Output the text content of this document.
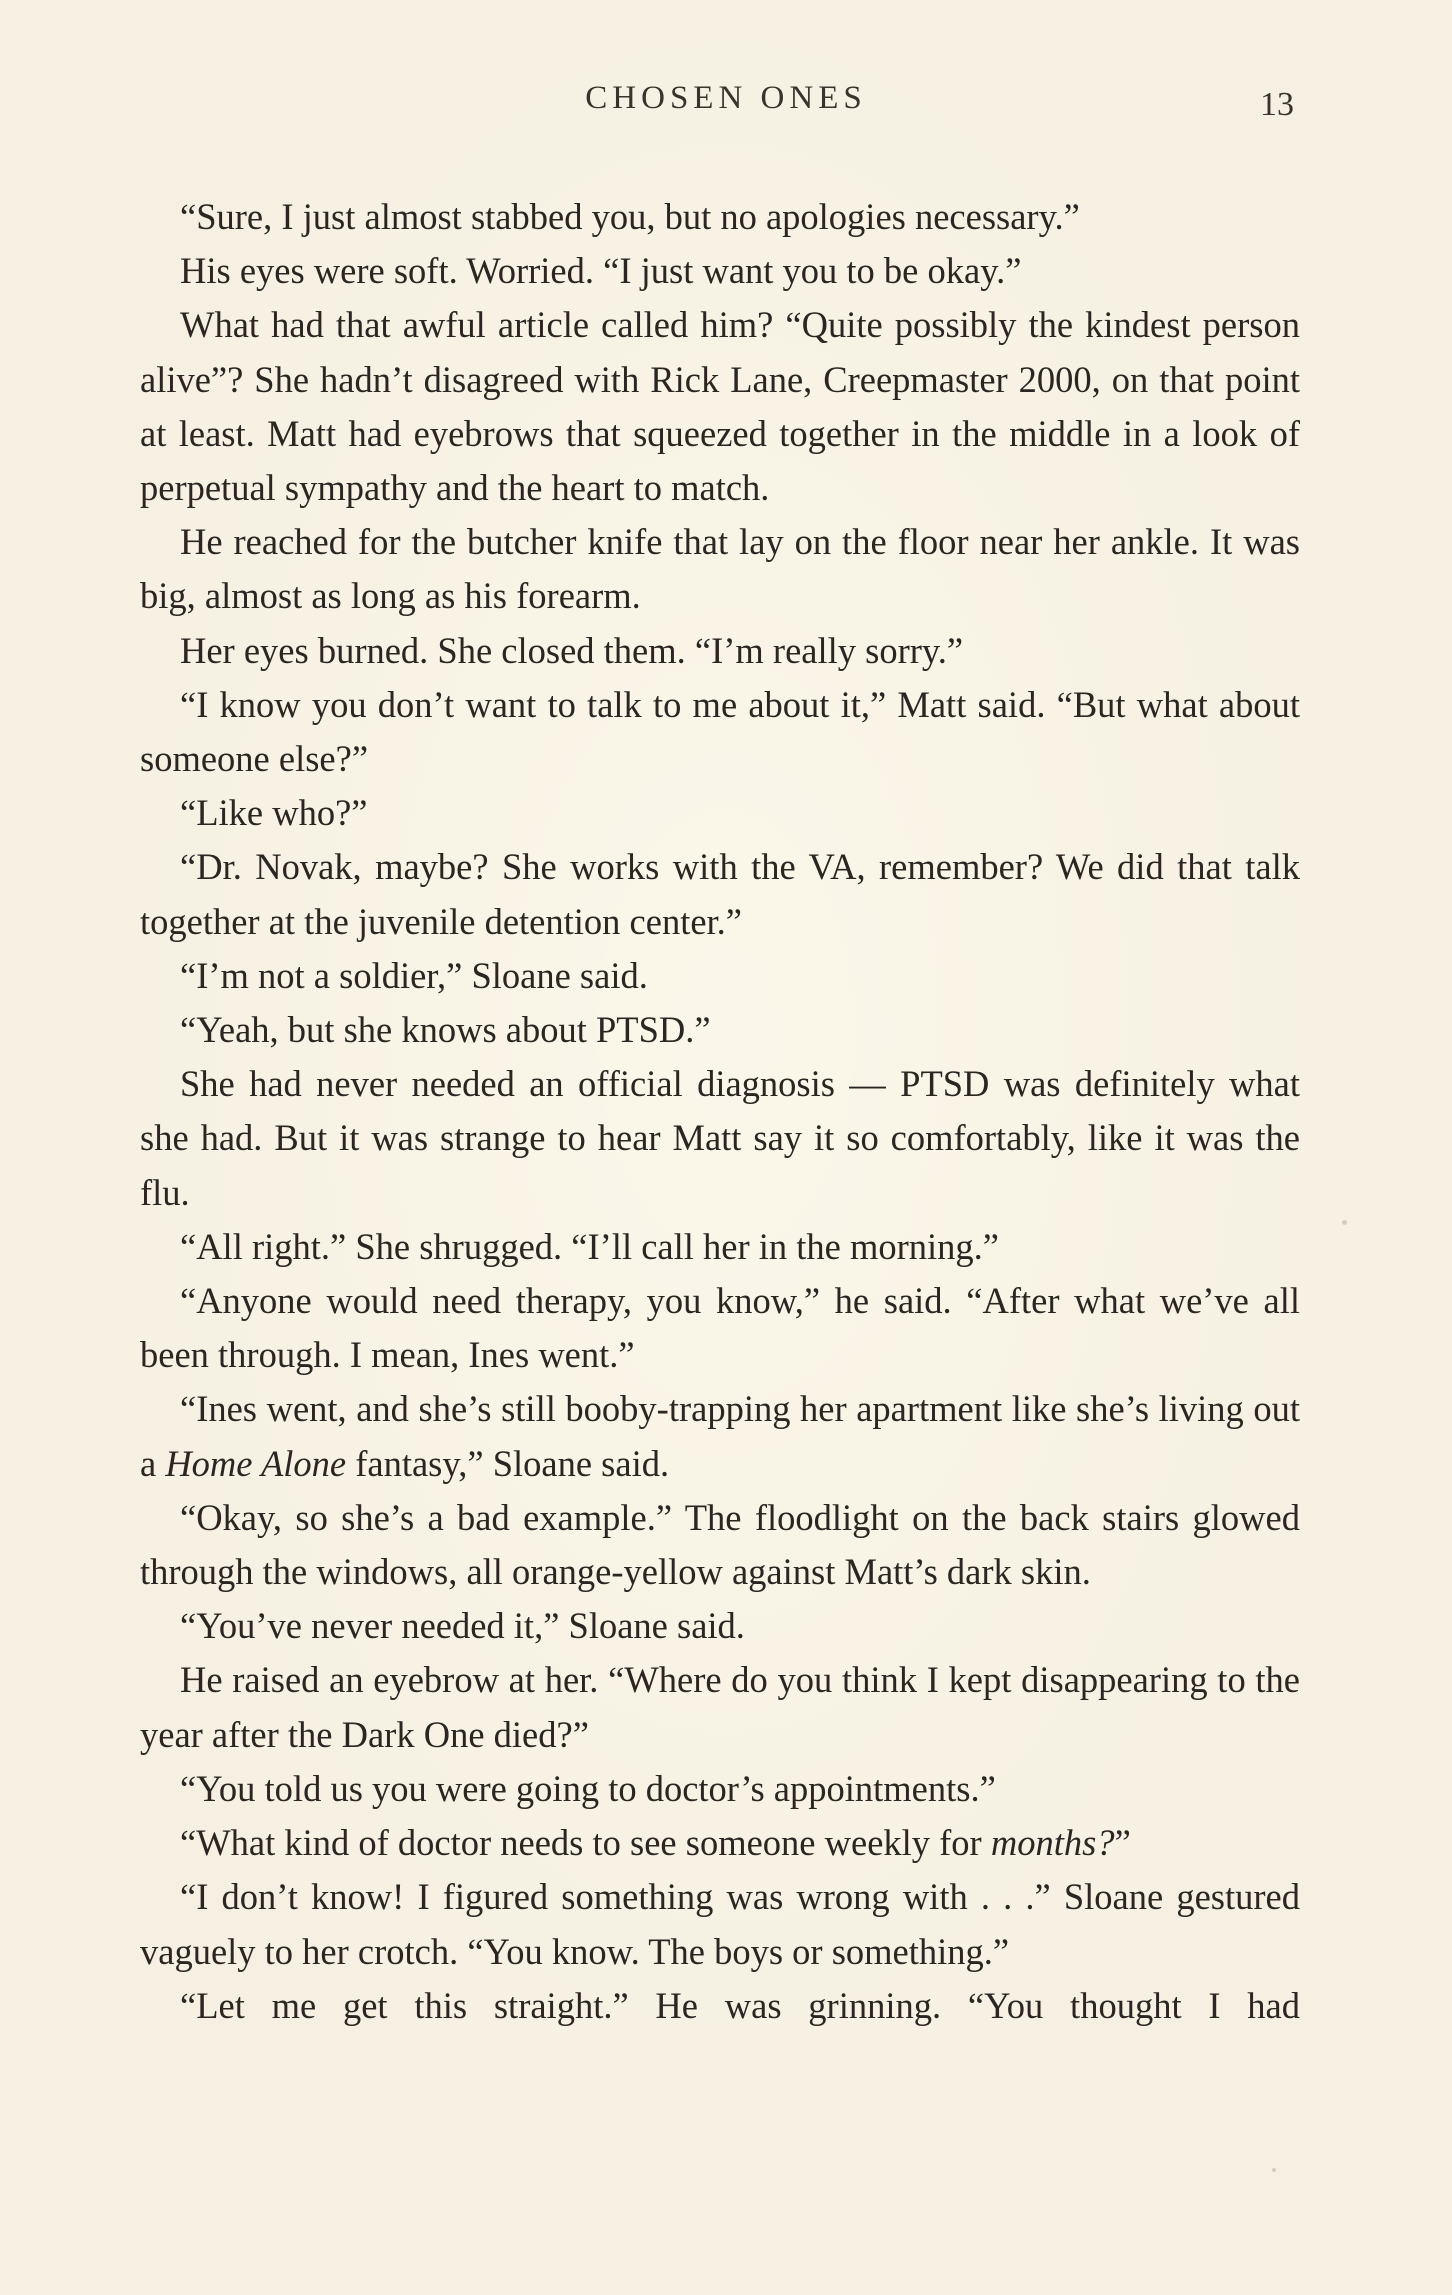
CHOSEN ONES	13

“Sure, I just almost stabbed you, but no apologies necessary.”

His eyes were soft. Worried. “I just want you to be okay.”

What had that awful article called him? “Quite possibly the kindest person alive”? She hadn’t disagreed with Rick Lane, Creepmaster 2000, on that point at least. Matt had eyebrows that squeezed together in the middle in a look of perpetual sympathy and the heart to match.

He reached for the butcher knife that lay on the floor near her ankle. It was big, almost as long as his forearm.

Her eyes burned. She closed them. “I’m really sorry.”

“I know you don’t want to talk to me about it,” Matt said. “But what about someone else?”

“Like who?”

“Dr. Novak, maybe? She works with the VA, remember? We did that talk together at the juvenile detention center.”

“I’m not a soldier,” Sloane said.

“Yeah, but she knows about PTSD.”

She had never needed an official diagnosis — PTSD was definitely what she had. But it was strange to hear Matt say it so comfortably, like it was the flu.

“All right.” She shrugged. “I’ll call her in the morning.”

“Anyone would need therapy, you know,” he said. “After what we’ve all been through. I mean, Ines went.”

“Ines went, and she’s still booby-trapping her apartment like she’s living out a Home Alone fantasy,” Sloane said.

“Okay, so she’s a bad example.” The floodlight on the back stairs glowed through the windows, all orange-yellow against Matt’s dark skin.

“You’ve never needed it,” Sloane said.

He raised an eyebrow at her. “Where do you think I kept disappearing to the year after the Dark One died?”

“You told us you were going to doctor’s appointments.”

“What kind of doctor needs to see someone weekly for months?”

“I don’t know! I figured something was wrong with . . .” Sloane gestured vaguely to her crotch. “You know. The boys or something.”

“Let me get this straight.” He was grinning. “You thought I had
